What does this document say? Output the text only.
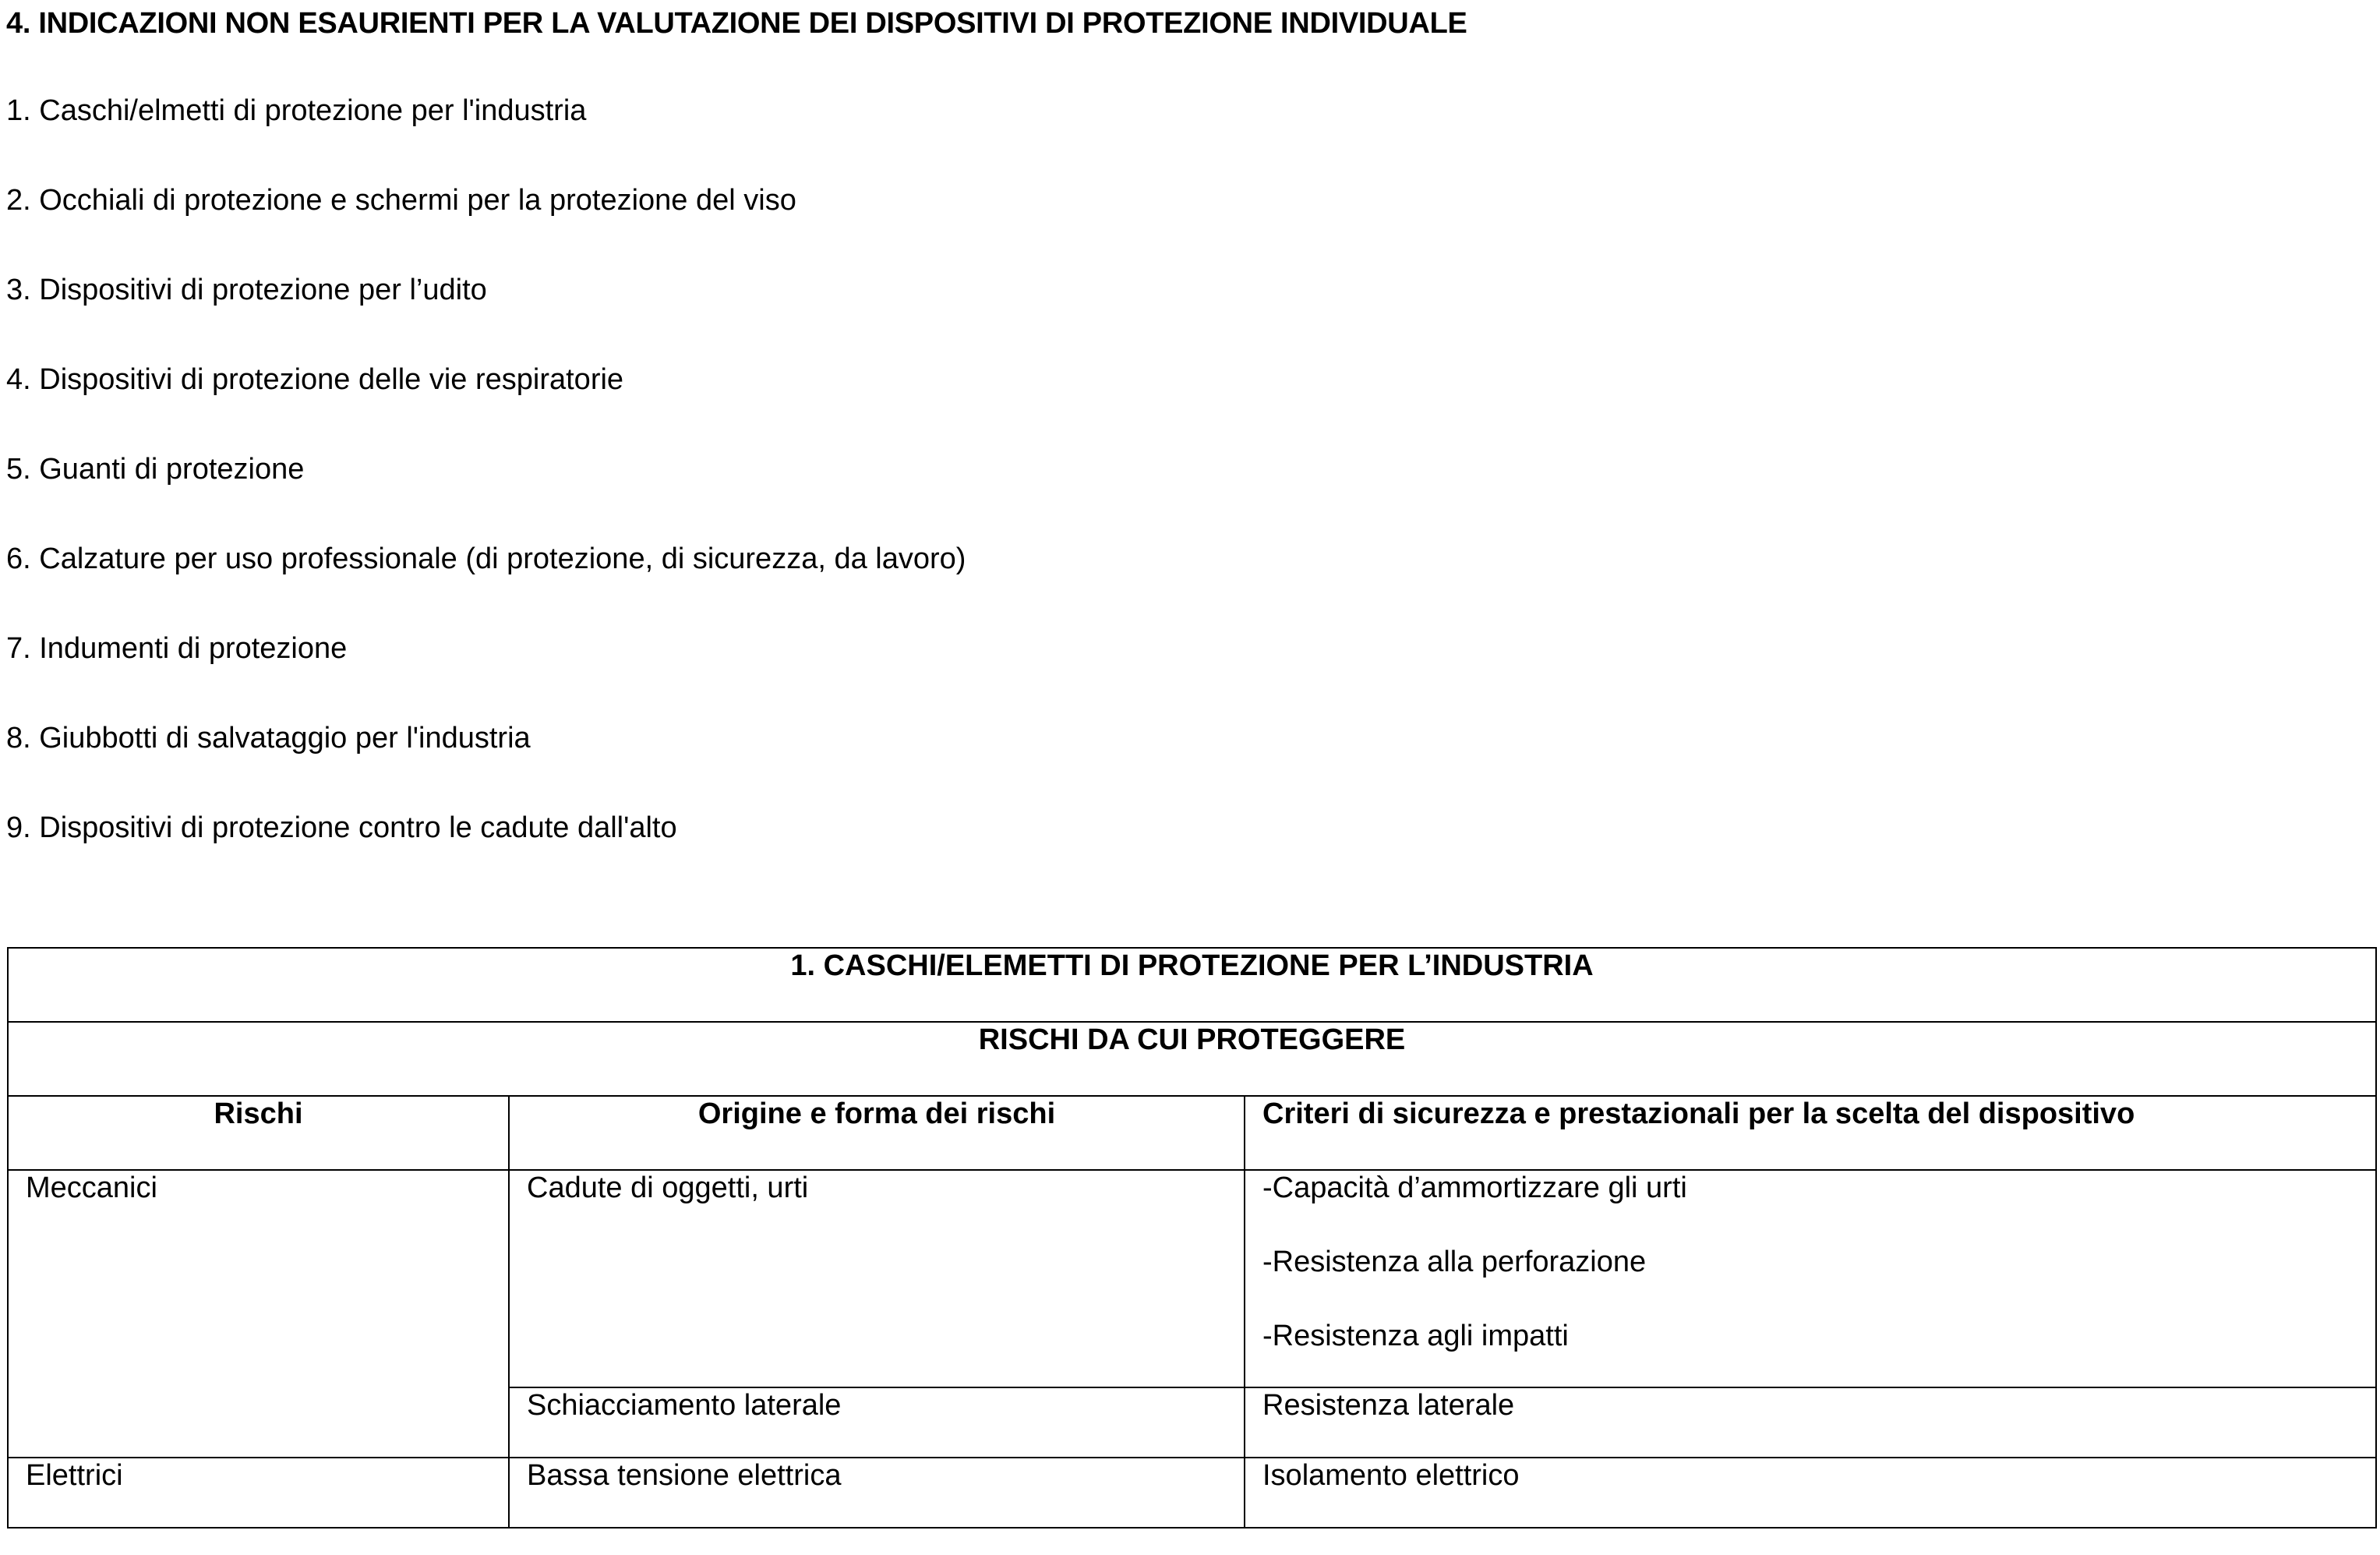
4. INDICAZIONI NON ESAURIENTI PER LA VALUTAZIONE DEI DISPOSITIVI DI PROTEZIONE INDIVIDUALE
1. Caschi/elmetti di protezione per l'industria
2. Occhiali di protezione e schermi per la protezione del viso
3. Dispositivi di protezione per l’udito
4. Dispositivi di protezione delle vie respiratorie
5. Guanti di protezione
6. Calzature per uso professionale (di protezione, di sicurezza, da lavoro)
7. Indumenti di protezione
8. Giubbotti di salvataggio per l'industria
9. Dispositivi di protezione contro le cadute dall'alto
1. CASCHI/ELEMETTI DI PROTEZIONE PER L’INDUSTRIA		
RISCHI DA CUI PROTEGGERE		
Rischi	Origine e forma dei rischi	Criteri di sicurezza e prestazionali per la scelta del dispositivo
Meccanici	Cadute di oggetti, urti	-Capacità d’ammortizzare gli urti
-Resistenza alla perforazione
-Resistenza agli impatti

	Schiacciamento laterale	Resistenza laterale
Elettrici	Bassa tensione elettrica	Isolamento elettrico
